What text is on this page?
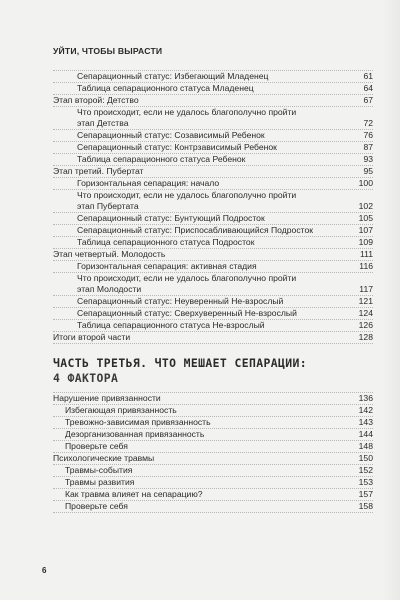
УЙТИ, ЧТОБЫ ВЫРАСТИ
Сепарационный статус: Избегающий Младенец	61
Таблица сепарационного статуса Младенец	64
Этап второй: Детство	67
Что происходит, если не удалось благополучно пройти
этап Детства	72
Сепарационный статус: Созависимый Ребенок	76
Сепарационный статус: Контрзависимый Ребенок	87
Таблица сепарационного статуса Ребенок	93
Этап третий. Пубертат	95
Горизонтальная сепарация: начало	100
Что происходит, если не удалось благополучно пройти
этап Пубертата	102
Сепарационный статус: Бунтующий Подросток	105
Сепарационный статус: Приспосабливающийся Подросток	107
Таблица сепарационного статуса Подросток	109
Этап четвертый. Молодость	111
Горизонтальная сепарация: активная стадия	116
Что происходит, если не удалось благополучно пройти
этап Молодости	117
Сепарационный статус: Неуверенный Не-взрослый	121
Сепарационный статус: Сверхуверенный Не-взрослый	124
Таблица сепарационного статуса Не-взрослый	126
Итоги второй части	128
ЧАСТЬ ТРЕТЬЯ. ЧТО МЕШАЕТ СЕПАРАЦИИ:
4 ФАКТОРА
Нарушение привязанности	136
Избегающая привязанность	142
Тревожно-зависимая привязанность	143
Дезорганизованная привязанность	144
Проверьте себя	148
Психологические травмы	150
Травмы-события	152
Травмы развития	153
Как травма влияет на сепарацию?	157
Проверьте себя	158
6
